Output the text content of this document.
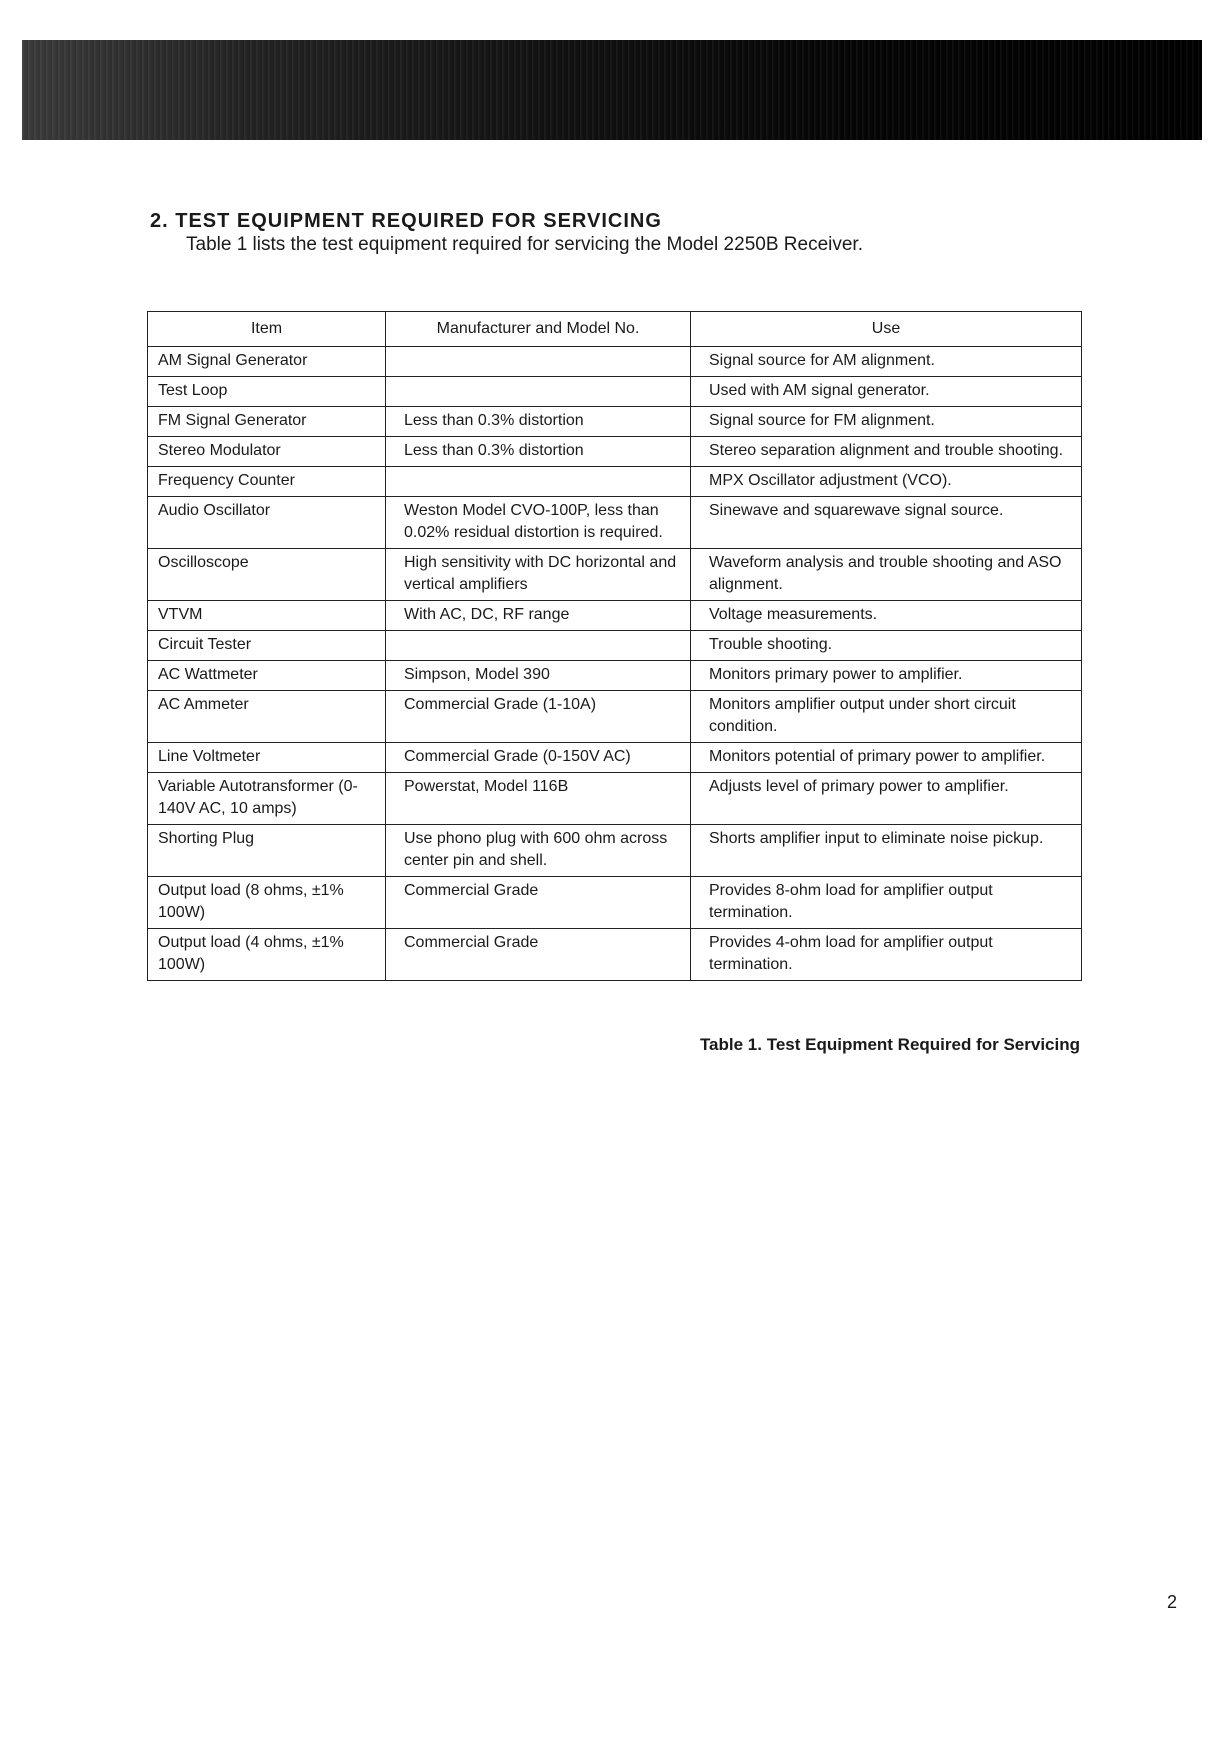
2. TEST EQUIPMENT REQUIRED FOR SERVICING

Table 1 lists the test equipment required for servicing the Model 2250B Receiver.

Item	Manufacturer and Model No.	Use
AM Signal Generator		Signal source for AM alignment.
Test Loop		Used with AM signal generator.
FM Signal Generator	Less than 0.3% distortion	Signal source for FM alignment.
Stereo Modulator	Less than 0.3% distortion	Stereo separation alignment and trouble shooting.
Frequency Counter		MPX Oscillator adjustment (VCO).
Audio Oscillator	Weston Model CVO-100P, less than 0.02% residual distortion is required.	Sinewave and squarewave signal source.
Oscilloscope	High sensitivity with DC horizontal and vertical amplifiers	Waveform analysis and trouble shooting and ASO alignment.
VTVM	With AC, DC, RF range	Voltage measurements.
Circuit Tester		Trouble shooting.
AC Wattmeter	Simpson, Model 390	Monitors primary power to amplifier.
AC Ammeter	Commercial Grade (1-10A)	Monitors amplifier output under short circuit condition.
Line Voltmeter	Commercial Grade (0-150V AC)	Monitors potential of primary power to amplifier.
Variable Autotransformer (0-140V AC, 10 amps)	Powerstat, Model 116B	Adjusts level of primary power to amplifier.
Shorting Plug	Use phono plug with 600 ohm across center pin and shell.	Shorts amplifier input to eliminate noise pickup.
Output load (8 ohms, ±1% 100W)	Commercial Grade	Provides 8-ohm load for amplifier output termination.
Output load (4 ohms, ±1% 100W)	Commercial Grade	Provides 4-ohm load for amplifier output termination.

Table 1. Test Equipment Required for Servicing

2
